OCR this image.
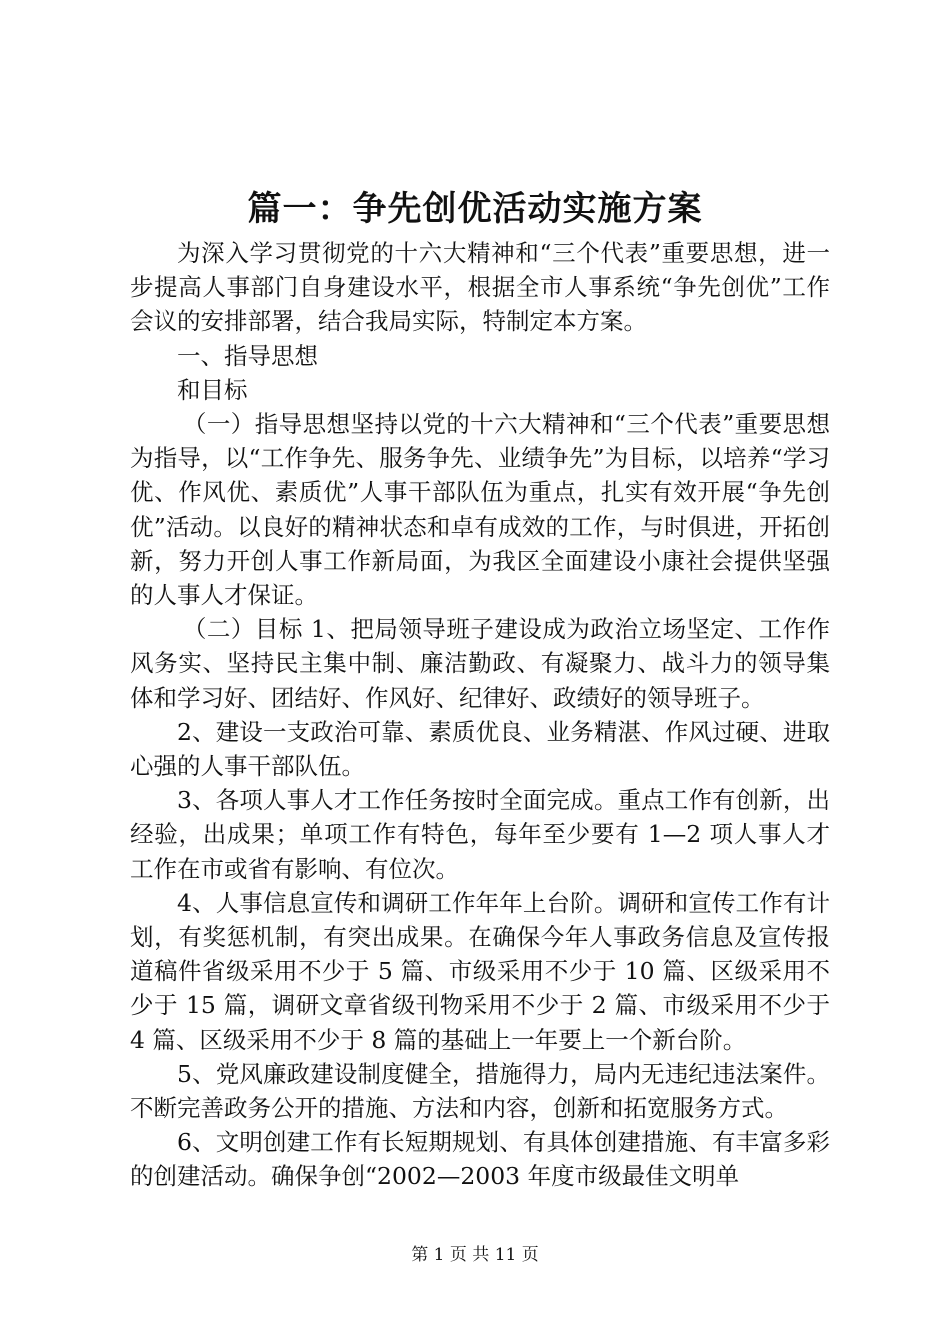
篇一：争先创优活动实施方案

为深入学习贯彻党的十六大精神和“三个代表”重要思想，进一步提高人事部门自身建设水平，根据全市人事系统“争先创优”工作会议的安排部署，结合我局实际，特制定本方案。

一、指导思想

和目标

（一）指导思想坚持以党的十六大精神和“三个代表”重要思想为指导，以“工作争先、服务争先、业绩争先”为目标，以培养“学习优、作风优、素质优”人事干部队伍为重点，扎实有效开展“争先创优”活动。以良好的精神状态和卓有成效的工作，与时俱进，开拓创新，努力开创人事工作新局面，为我区全面建设小康社会提供坚强的人事人才保证。

（二）目标 1、把局领导班子建设成为政治立场坚定、工作作风务实、坚持民主集中制、廉洁勤政、有凝聚力、战斗力的领导集体和学习好、团结好、作风好、纪律好、政绩好的领导班子。

2、建设一支政治可靠、素质优良、业务精湛、作风过硬、进取心强的人事干部队伍。

3、各项人事人才工作任务按时全面完成。重点工作有创新，出经验，出成果；单项工作有特色，每年至少要有 1—2 项人事人才工作在市或省有影响、有位次。

4、人事信息宣传和调研工作年年上台阶。调研和宣传工作有计划，有奖惩机制，有突出成果。在确保今年人事政务信息及宣传报道稿件省级采用不少于 5 篇、市级采用不少于 10 篇、区级采用不少于 15 篇，调研文章省级刊物采用不少于 2 篇、市级采用不少于 4 篇、区级采用不少于 8 篇的基础上一年要上一个新台阶。

5、党风廉政建设制度健全，措施得力，局内无违纪违法案件。不断完善政务公开的措施、方法和内容，创新和拓宽服务方式。

6、文明创建工作有长短期规划、有具体创建措施、有丰富多彩的创建活动。确保争创“2002—2003 年度市级最佳文明单

第 1 页 共 11 页
